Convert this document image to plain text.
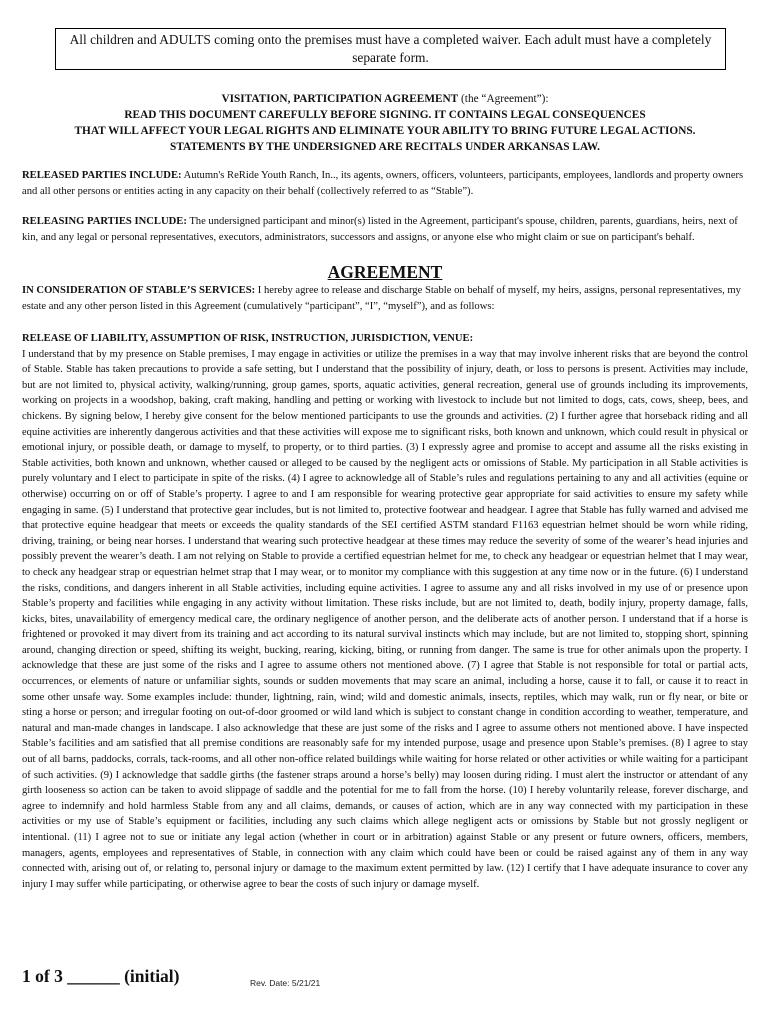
All children and ADULTS coming onto the premises must have a completed waiver. Each adult must have a completely separate form.
VISITATION, PARTICIPATION AGREEMENT (the “Agreement”):
READ THIS DOCUMENT CAREFULLY BEFORE SIGNING. IT CONTAINS LEGAL CONSEQUENCES
THAT WILL AFFECT YOUR LEGAL RIGHTS AND ELIMINATE YOUR ABILITY TO BRING FUTURE LEGAL ACTIONS.
STATEMENTS BY THE UNDERSIGNED ARE RECITALS UNDER ARKANSAS LAW.
RELEASED PARTIES INCLUDE: Autumn's ReRide Youth Ranch, In.., its agents, owners, officers, volunteers, participants, employees, landlords and property owners and all other persons or entities acting in any capacity on their behalf (collectively referred to as “Stable”).
RELEASING PARTIES INCLUDE: The undersigned participant and minor(s) listed in the Agreement, participant's spouse, children, parents, guardians, heirs, next of kin, and any legal or personal representatives, executors, administrators, successors and assigns, or anyone else who might claim or sue on participant's behalf.
AGREEMENT
IN CONSIDERATION OF STABLE’S SERVICES: I hereby agree to release and discharge Stable on behalf of myself, my heirs, assigns, personal representatives, my estate and any other person listed in this Agreement (cumulatively “participant”, “I”, “myself”), and as follows:
RELEASE OF LIABILITY, ASSUMPTION OF RISK, INSTRUCTION, JURISDICTION, VENUE:
I understand that by my presence on Stable premises, I may engage in activities or utilize the premises in a way that may involve inherent risks that are beyond the control of Stable. Stable has taken precautions to provide a safe setting, but I understand that the possibility of injury, death, or loss to persons is present. Activities may include, but are not limited to, physical activity, walking/running, group games, sports, aquatic activities, general recreation, general use of grounds including its improvements, working on projects in a woodshop, baking, craft making, handling and petting or working with livestock to include but not limited to dogs, cats, cows, sheep, bees, and chickens. By signing below, I hereby give consent for the below mentioned participants to use the grounds and activities. (2) I further agree that horseback riding and all equine activities are inherently dangerous activities and that these activities will expose me to significant risks, both known and unknown, which could result in physical or emotional injury, or possible death, or damage to myself, to property, or to third parties. (3) I expressly agree and promise to accept and assume all the risks existing in Stable activities, both known and unknown, whether caused or alleged to be caused by the negligent acts or omissions of Stable. My participation in all Stable activities is purely voluntary and I elect to participate in spite of the risks. (4) I agree to acknowledge all of Stable’s rules and regulations pertaining to any and all activities (equine or otherwise) occurring on or off of Stable’s property. I agree to and I am responsible for wearing protective gear appropriate for said activities to ensure my safety while engaging in same. (5) I understand that protective gear includes, but is not limited to, protective footwear and headgear. I agree that Stable has fully warned and advised me that protective equine headgear that meets or exceeds the quality standards of the SEI certified ASTM standard F1163 equestrian helmet should be worn while riding, driving, training, or being near horses. I understand that wearing such protective headgear at these times may reduce the severity of some of the wearer’s head injuries and possibly prevent the wearer’s death. I am not relying on Stable to provide a certified equestrian helmet for me, to check any headgear or equestrian helmet that I may wear, to check any headgear strap or equestrian helmet strap that I may wear, or to monitor my compliance with this suggestion at any time now or in the future. (6) I understand the risks, conditions, and dangers inherent in all Stable activities, including equine activities. I agree to assume any and all risks involved in my use of or presence upon Stable’s property and facilities while engaging in any activity without limitation. These risks include, but are not limited to, death, bodily injury, property damage, falls, kicks, bites, unavailability of emergency medical care, the ordinary negligence of another person, and the deliberate acts of another person. I understand that if a horse is frightened or provoked it may divert from its training and act according to its natural survival instincts which may include, but are not limited to, stopping short, spinning around, changing direction or speed, shifting its weight, bucking, rearing, kicking, biting, or running from danger. The same is true for other animals upon the property. I acknowledge that these are just some of the risks and I agree to assume others not mentioned above. (7) I agree that Stable is not responsible for total or partial acts, occurrences, or elements of nature or unfamiliar sights, sounds or sudden movements that may scare an animal, including a horse, cause it to fall, or cause it to react in some other unsafe way. Some examples include: thunder, lightning, rain, wind; wild and domestic animals, insects, reptiles, which may walk, run or fly near, or bite or sting a horse or person; and irregular footing on out-of-door groomed or wild land which is subject to constant change in condition according to weather, temperature, and natural and man-made changes in landscape. I also acknowledge that these are just some of the risks and I agree to assume others not mentioned above. I have inspected Stable’s facilities and am satisfied that all premise conditions are reasonably safe for my intended purpose, usage and presence upon Stable’s premises. (8) I agree to stay out of all barns, paddocks, corrals, tack-rooms, and all other non-office related buildings while waiting for horse related or other activities or while waiting for a participant of such activities. (9) I acknowledge that saddle girths (the fastener straps around a horse’s belly) may loosen during riding. I must alert the instructor or attendant of any girth looseness so action can be taken to avoid slippage of saddle and the potential for me to fall from the horse. (10) I hereby voluntarily release, forever discharge, and agree to indemnify and hold harmless Stable from any and all claims, demands, or causes of action, which are in any way connected with my participation in these activities or my use of Stable’s equipment or facilities, including any such claims which allege negligent acts or omissions by Stable but not grossly negligent or intentional. (11) I agree not to sue or initiate any legal action (whether in court or in arbitration) against Stable or any present or future owners, officers, members, managers, agents, employees and representatives of Stable, in connection with any claim which could have been or could be raised against any of them in any way connected with, arising out of, or relating to, personal injury or damage to the maximum extent permitted by law. (12) I certify that I have adequate insurance to cover any injury I may suffer while participating, or otherwise agree to bear the costs of such injury or damage myself.
1 of 3 ______ (initial)	Rev. Date: 5/21/21
